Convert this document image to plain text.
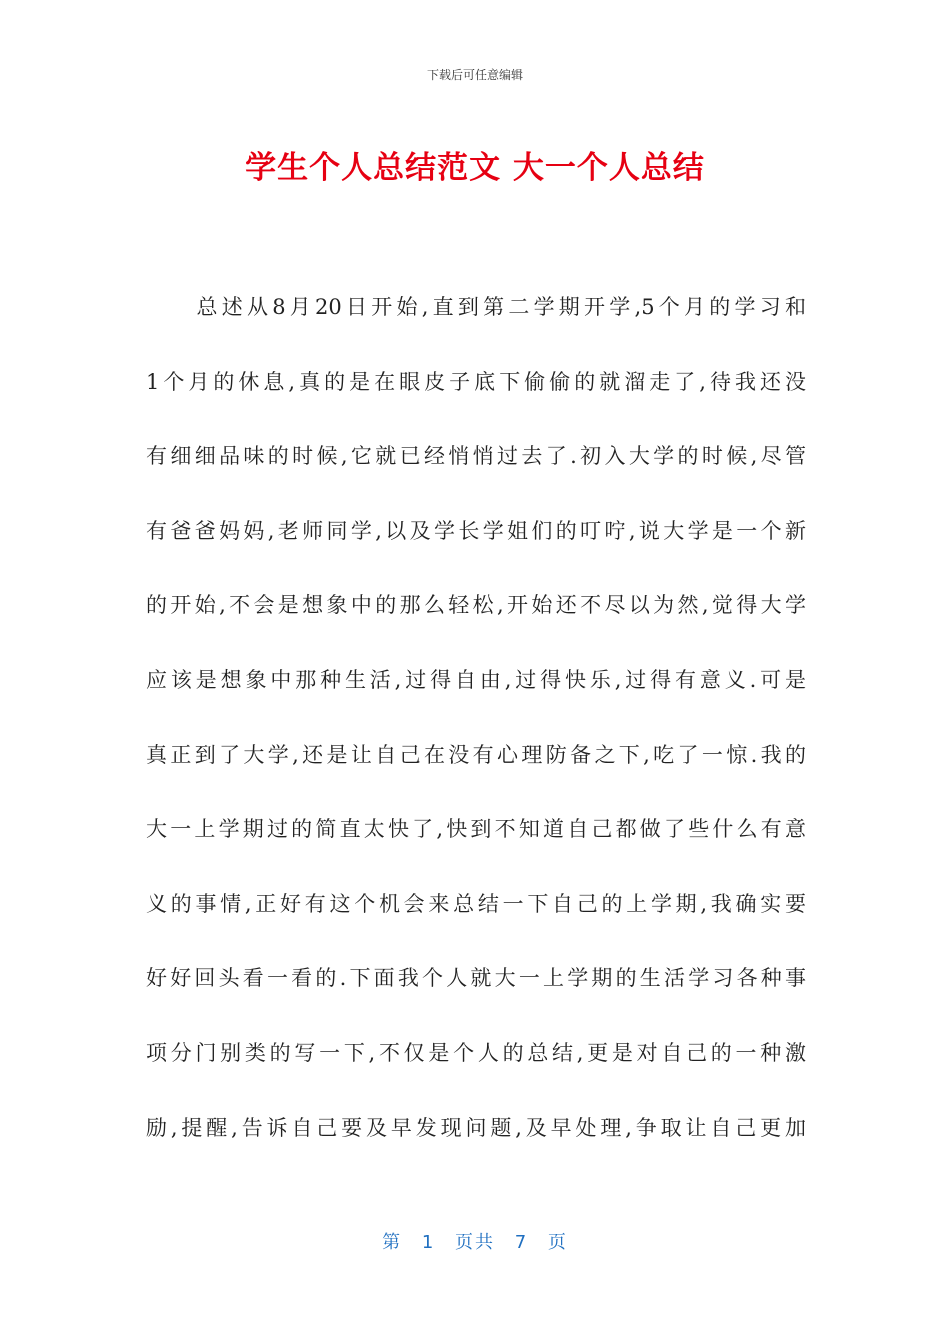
下载后可任意编辑
学生个人总结范文 大一个人总结
　　总述从8月20日开始,直到第二学期开学,5个月的学习和
1个月的休息,真的是在眼皮子底下偷偷的就溜走了,待我还没
有细细品味的时候,它就已经悄悄过去了.初入大学的时候,尽管
有爸爸妈妈,老师同学,以及学长学姐们的叮咛,说大学是一个新
的开始,不会是想象中的那么轻松,开始还不尽以为然,觉得大学
应该是想象中那种生活,过得自由,过得快乐,过得有意义.可是
真正到了大学,还是让自己在没有心理防备之下,吃了一惊.我的
大一上学期过的简直太快了,快到不知道自己都做了些什么有意
义的事情,正好有这个机会来总结一下自己的上学期,我确实要
好好回头看一看的.下面我个人就大一上学期的生活学习各种事
项分门别类的写一下,不仅是个人的总结,更是对自己的一种激
励,提醒,告诉自己要及早发现问题,及早处理,争取让自己更加
第 1 页共 7 页
